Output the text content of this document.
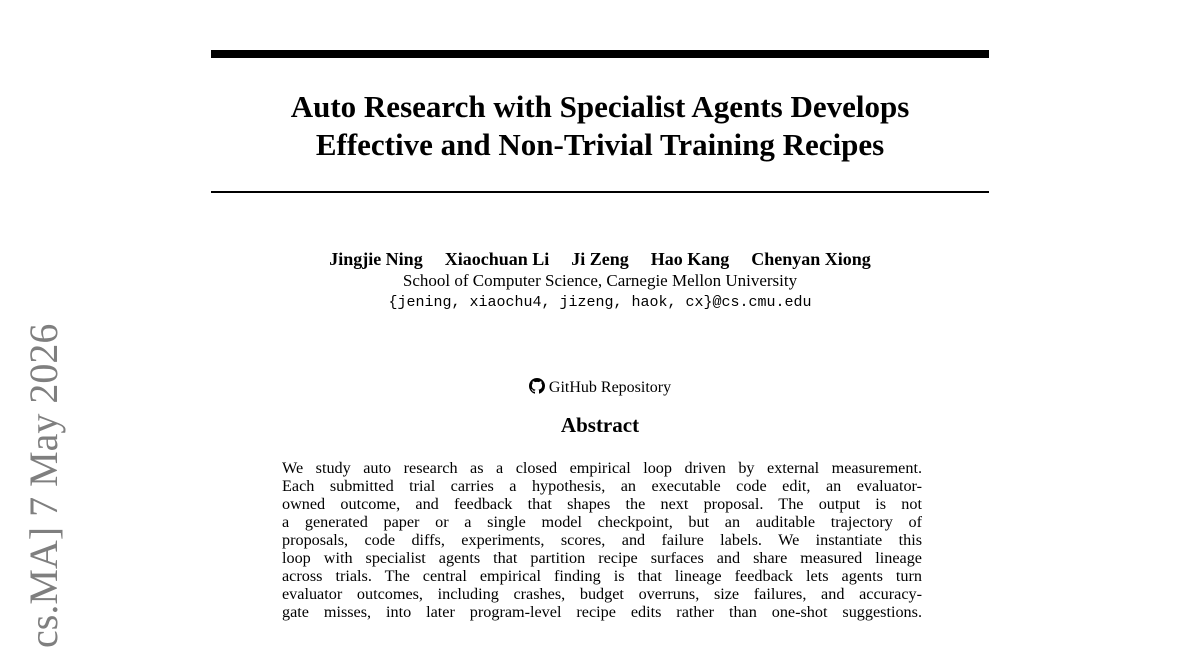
Auto Research with Specialist Agents Develops
Effective and Non-Trivial Training Recipes
Jingjie Ning Xiaochuan Li Ji Zeng Hao Kang Chenyan Xiong
School of Computer Science, Carnegie Mellon University
{jening, xiaochu4, jizeng, haok, cx}@cs.cmu.edu
GitHub Repository
Abstract
We study auto research as a closed empirical loop driven by external measurement.
Each submitted trial carries a hypothesis, an executable code edit, an evaluator-
owned outcome, and feedback that shapes the next proposal. The output is not
a generated paper or a single model checkpoint, but an auditable trajectory of
proposals, code diffs, experiments, scores, and failure labels. We instantiate this
loop with specialist agents that partition recipe surfaces and share measured lineage
across trials. The central empirical finding is that lineage feedback lets agents turn
evaluator outcomes, including crashes, budget overruns, size failures, and accuracy-
gate misses, into later program-level recipe edits rather than one-shot suggestions.
cs.MA] 7 May 2026
